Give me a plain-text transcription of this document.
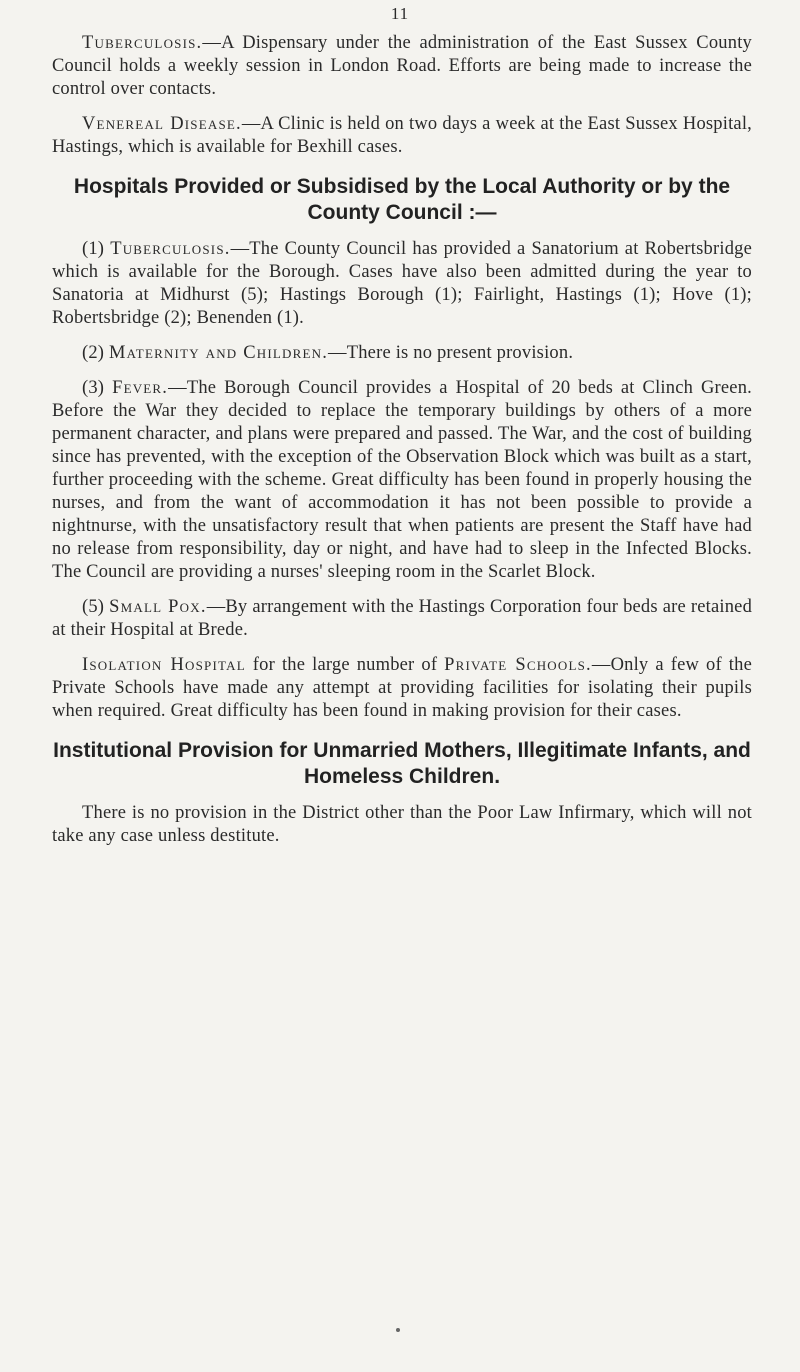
11

Tuberculosis.—A Dispensary under the administration of the East Sussex County Council holds a weekly session in London Road. Efforts are being made to increase the control over contacts.

Venereal Disease.—A Clinic is held on two days a week at the East Sussex Hospital, Hastings, which is available for Bexhill cases.

Hospitals Provided or Subsidised by the Local Authority or by the County Council :—

(1) Tuberculosis.—The County Council has provided a Sanatorium at Robertsbridge which is available for the Borough. Cases have also been admitted during the year to Sanatoria at Midhurst (5); Hastings Borough (1); Fairlight, Hastings (1); Hove (1); Robertsbridge (2); Benenden (1).

(2) Maternity and Children.—There is no present provision.

(3) Fever.—The Borough Council provides a Hospital of 20 beds at Clinch Green. Before the War they decided to replace the temporary buildings by others of a more permanent character, and plans were prepared and passed. The War, and the cost of building since has prevented, with the exception of the Observation Block which was built as a start, further proceeding with the scheme. Great difficulty has been found in properly housing the nurses, and from the want of accommodation it has not been possible to provide a nightnurse, with the unsatisfactory result that when patients are present the Staff have had no release from responsibility, day or night, and have had to sleep in the Infected Blocks. The Council are providing a nurses' sleeping room in the Scarlet Block.

(5) Small Pox.—By arrangement with the Hastings Corporation four beds are retained at their Hospital at Brede.

Isolation Hospital for the large number of Private Schools.—Only a few of the Private Schools have made any attempt at providing facilities for isolating their pupils when required. Great difficulty has been found in making provision for their cases.

Institutional Provision for Unmarried Mothers, Illegitimate Infants, and Homeless Children.

There is no provision in the District other than the Poor Law Infirmary, which will not take any case unless destitute.
